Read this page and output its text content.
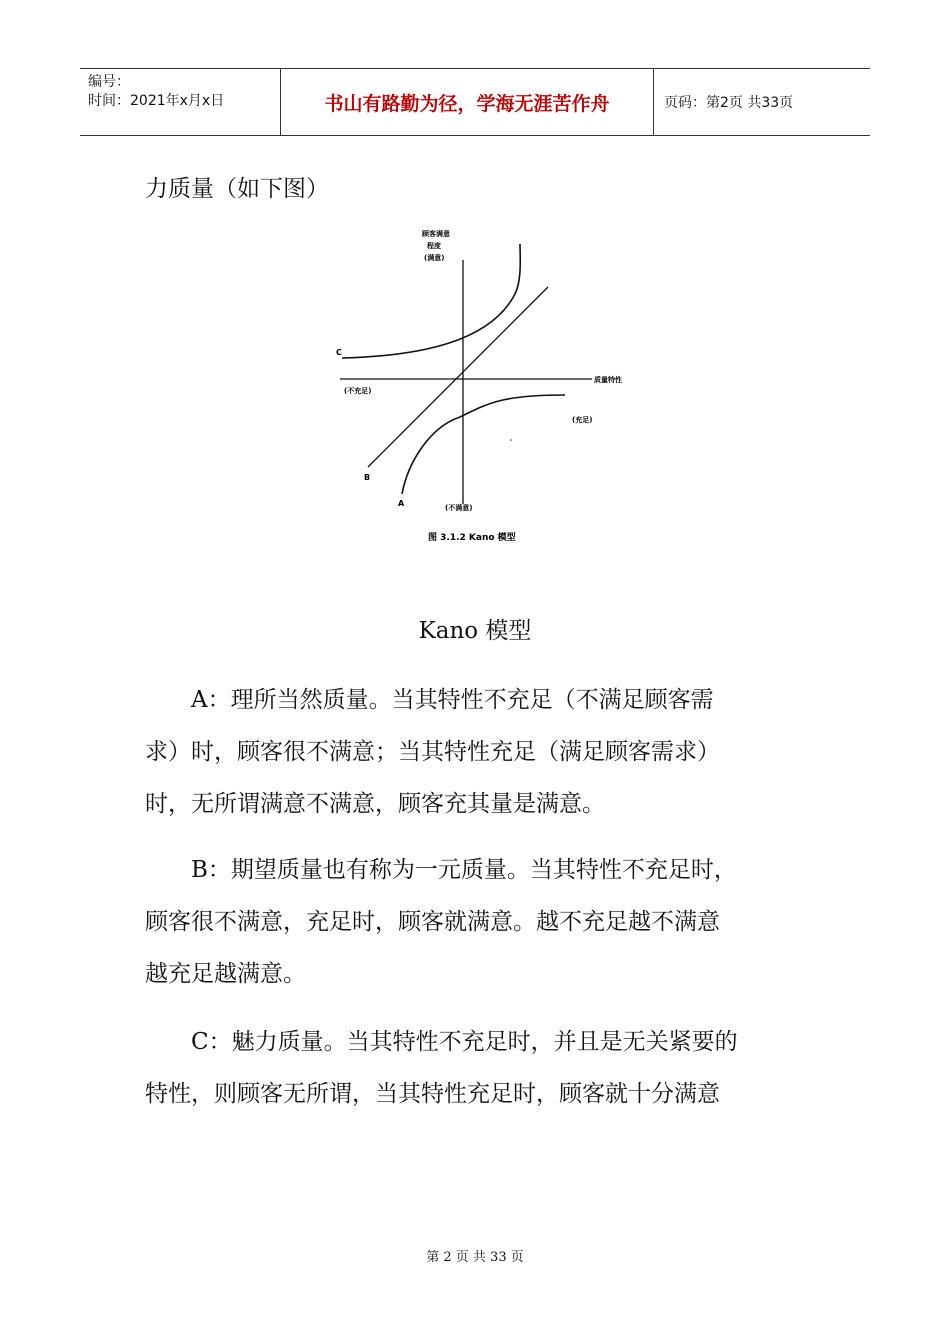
编号：
时间：2021年x月x日	书山有路勤为径，学海无涯苦作舟	页码：第2页 共33页
力质量（如下图）
顾客满意
程度
(满意)
质量特性
(不充足)
(充足)
(不满意)
C
B
A
图 3.1.2 Kano 模型
Kano 模型
A：理所当然质量。当其特性不充足（不满足顾客需
求）时，顾客很不满意；当其特性充足（满足顾客需求）
时，无所谓满意不满意，顾客充其量是满意。
B：期望质量也有称为一元质量。当其特性不充足时，
顾客很不满意，充足时，顾客就满意。越不充足越不满意
越充足越满意。
C：魅力质量。当其特性不充足时，并且是无关紧要的
特性，则顾客无所谓，当其特性充足时，顾客就十分满意
第 2 页 共 33 页
